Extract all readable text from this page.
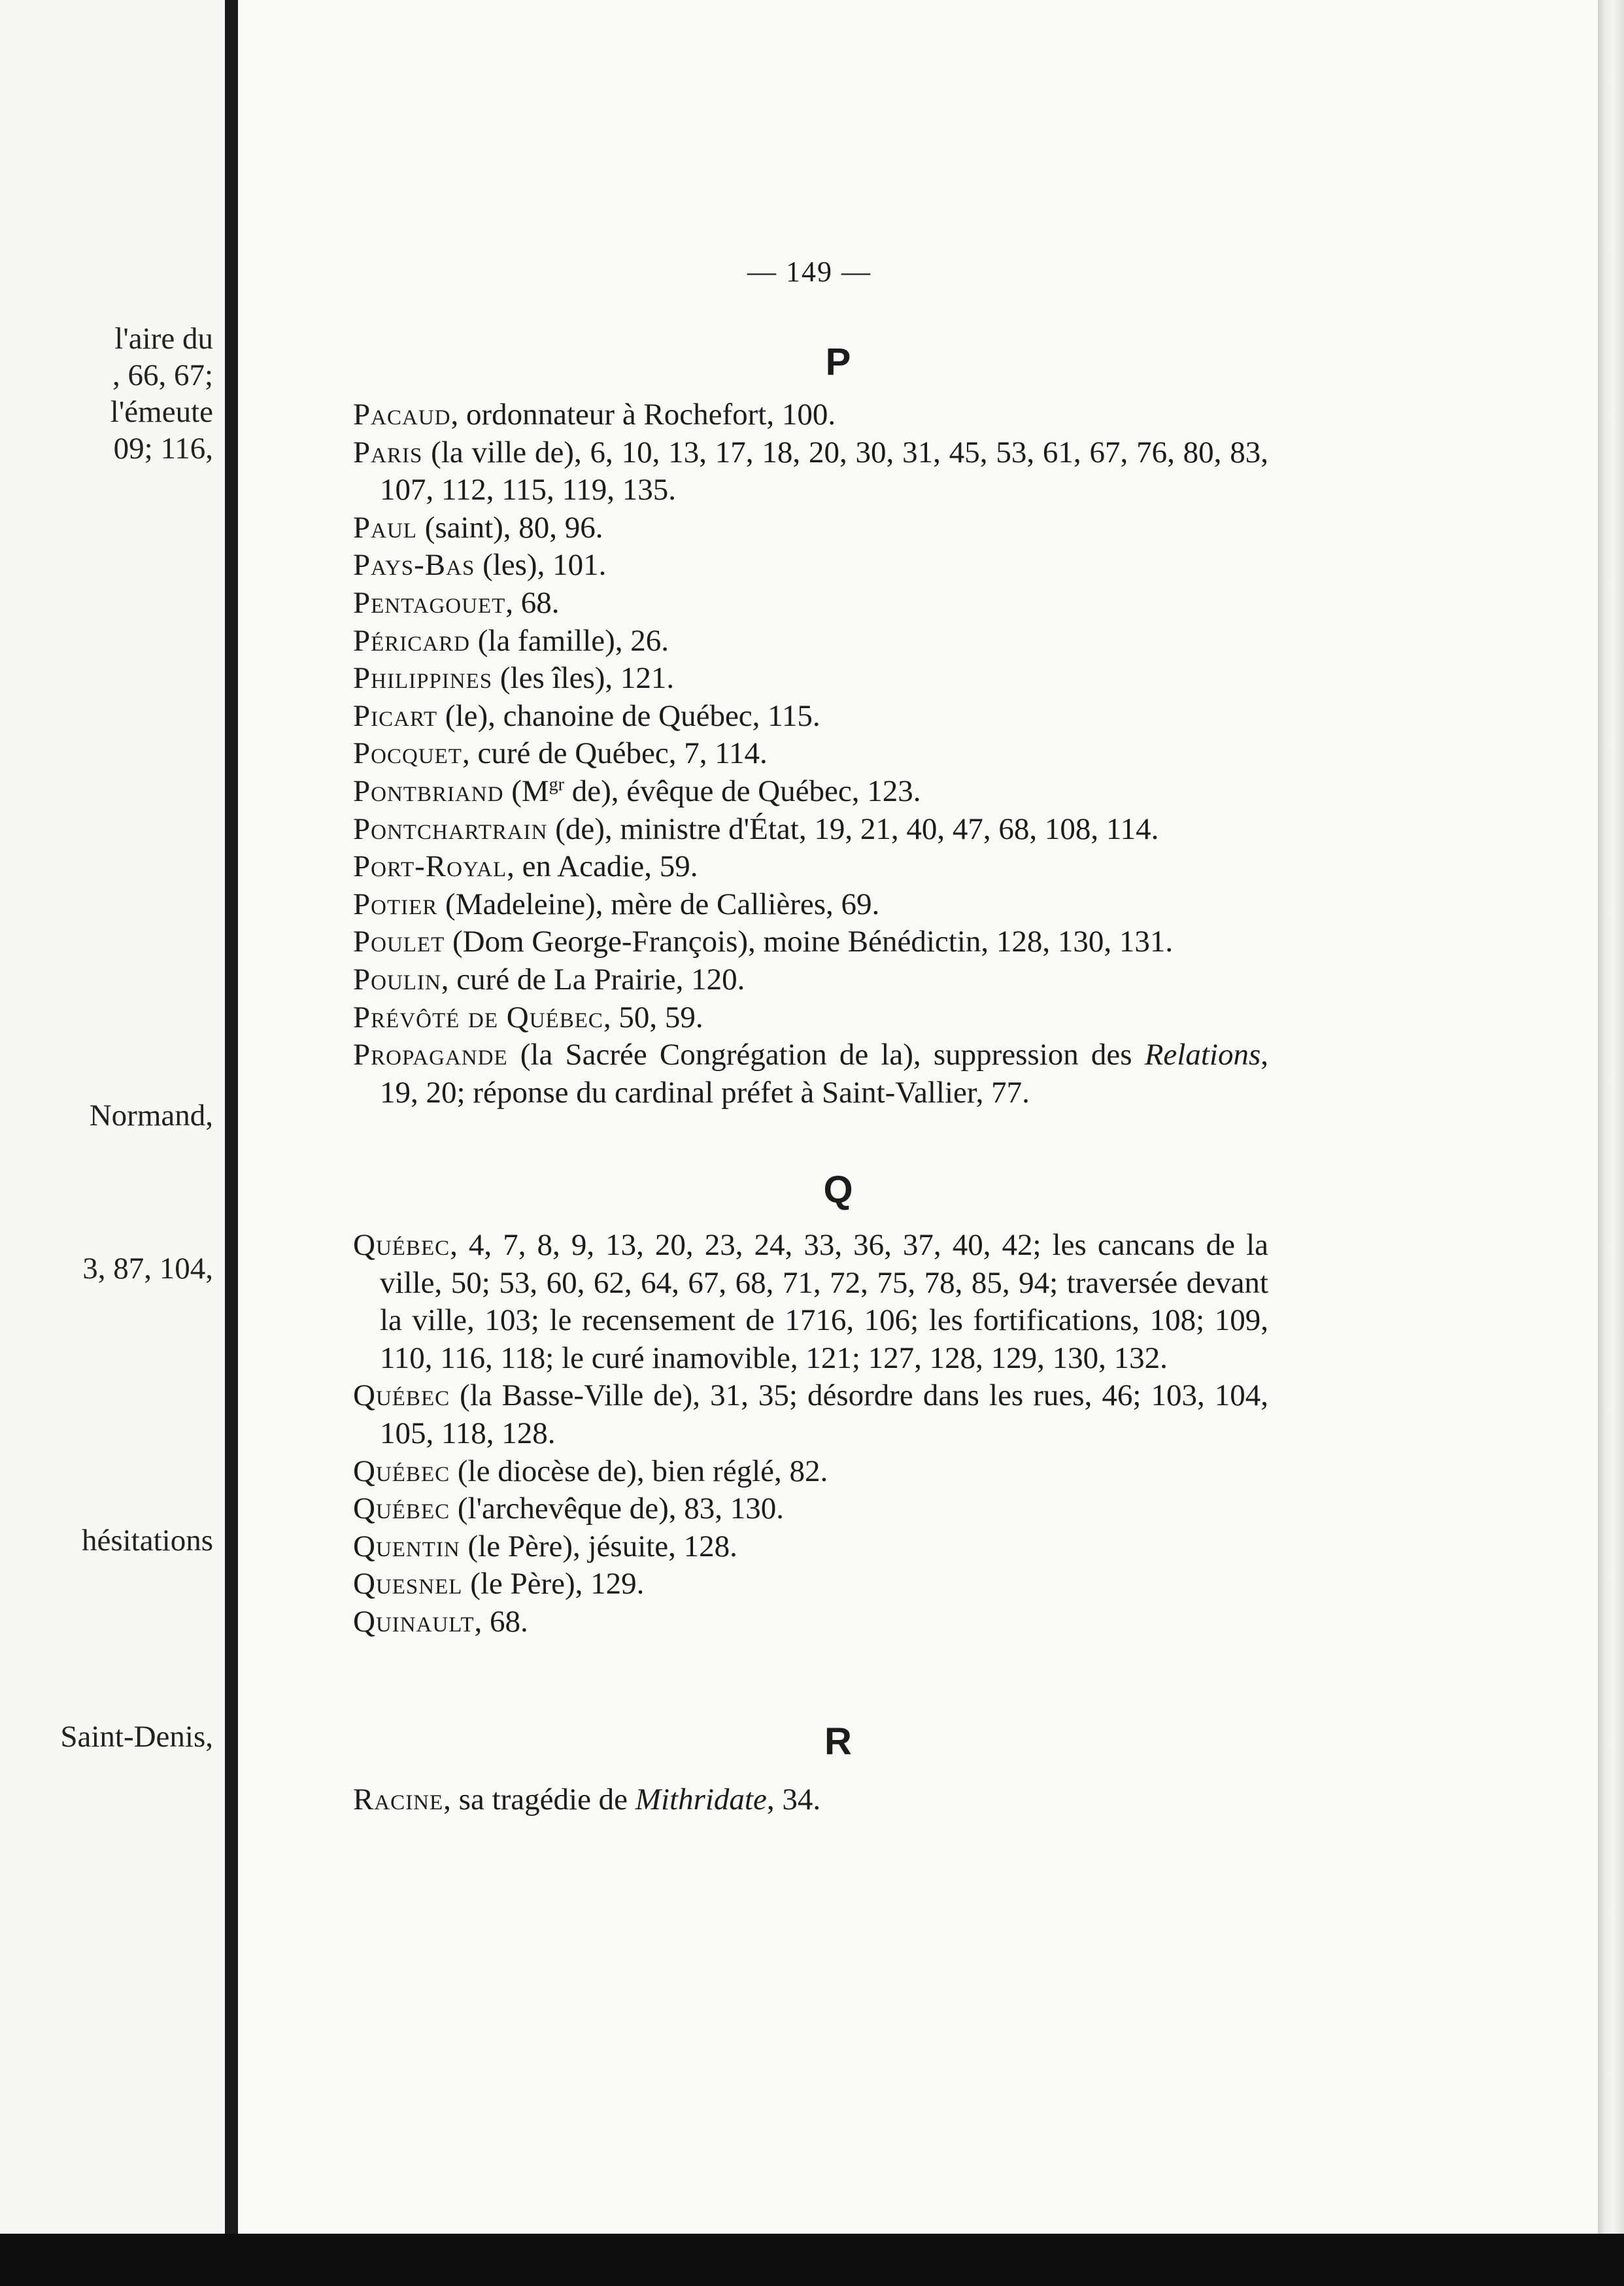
l'aire du
, 66, 67;
l'émeute
09; 116,
Normand,
3, 87, 104,
hésitations
Saint-Denis,
— 149 —
P
Pacaud, ordonnateur à Rochefort, 100.
Paris (la ville de), 6, 10, 13, 17, 18, 20, 30, 31, 45, 53, 61, 67, 76, 80, 83, 107, 112, 115, 119, 135.
Paul (saint), 80, 96.
Pays-Bas (les), 101.
Pentagouet, 68.
Péricard (la famille), 26.
Philippines (les îles), 121.
Picart (le), chanoine de Québec, 115.
Pocquet, curé de Québec, 7, 114.
Pontbriand ($M^{gr}$ de), évêque de Québec, 123.
Pontchartrain (de), ministre d'État, 19, 21, 40, 47, 68, 108, 114.
Port-Royal, en Acadie, 59.
Potier (Madeleine), mère de Callières, 69.
Poulet (Dom George-François), moine Bénédictin, 128, 130, 131.
Poulin, curé de La Prairie, 120.
Prévôté de Québec, 50, 59.
Propagande (la Sacrée Congrégation de la), suppression des Relations, 19, 20; réponse du cardinal préfet à Saint-Vallier, 77.
Q
Québec, 4, 7, 8, 9, 13, 20, 23, 24, 33, 36, 37, 40, 42; les cancans de la ville, 50; 53, 60, 62, 64, 67, 68, 71, 72, 75, 78, 85, 94; traversée devant la ville, 103; le recensement de 1716, 106; les fortifications, 108; 109, 110, 116, 118; le curé inamovible, 121; 127, 128, 129, 130, 132.
Québec (la Basse-Ville de), 31, 35; désordre dans les rues, 46; 103, 104, 105, 118, 128.
Québec (le diocèse de), bien réglé, 82.
Québec (l'archevêque de), 83, 130.
Quentin (le Père), jésuite, 128.
Quesnel (le Père), 129.
Quinault, 68.
R
Racine, sa tragédie de Mithridate, 34.
